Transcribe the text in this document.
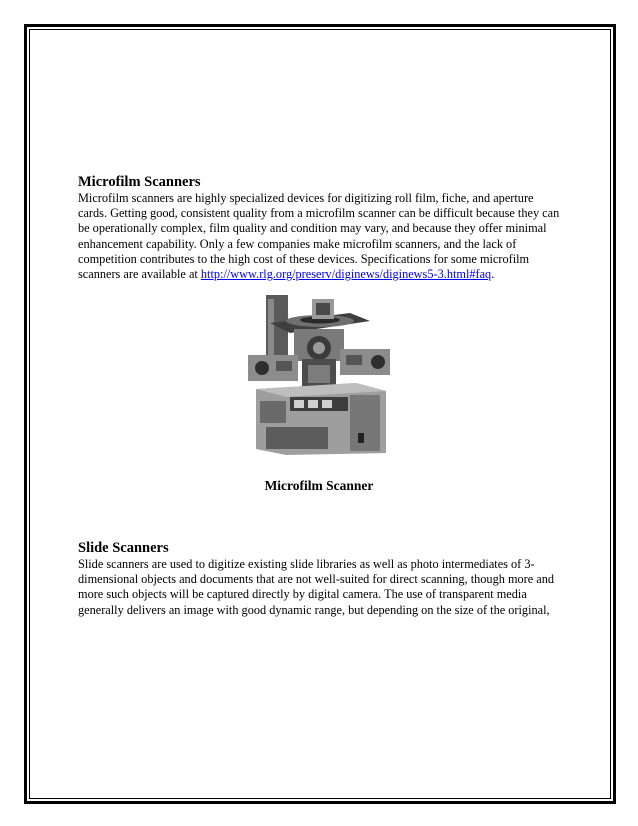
Microfilm Scanners

Microfilm scanners are highly specialized devices for digitizing roll film, fiche, and aperture cards. Getting good, consistent quality from a microfilm scanner can be difficult because they can be operationally complex, film quality and condition may vary, and because they offer minimal enhancement capability. Only a few companies make microfilm scanners, and the lack of competition contributes to the high cost of these devices. Specifications for some microfilm scanners are available at http://www.rlg.org/preserv/diginews/diginews5-3.html#faq.

Microfilm Scanner
Slide Scanners

Slide scanners are used to digitize existing slide libraries as well as photo intermediates of 3-dimensional objects and documents that are not well-suited for direct scanning, though more and more such objects will be captured directly by digital camera. The use of transparent media generally delivers an image with good dynamic range, but depending on the size of the original,
